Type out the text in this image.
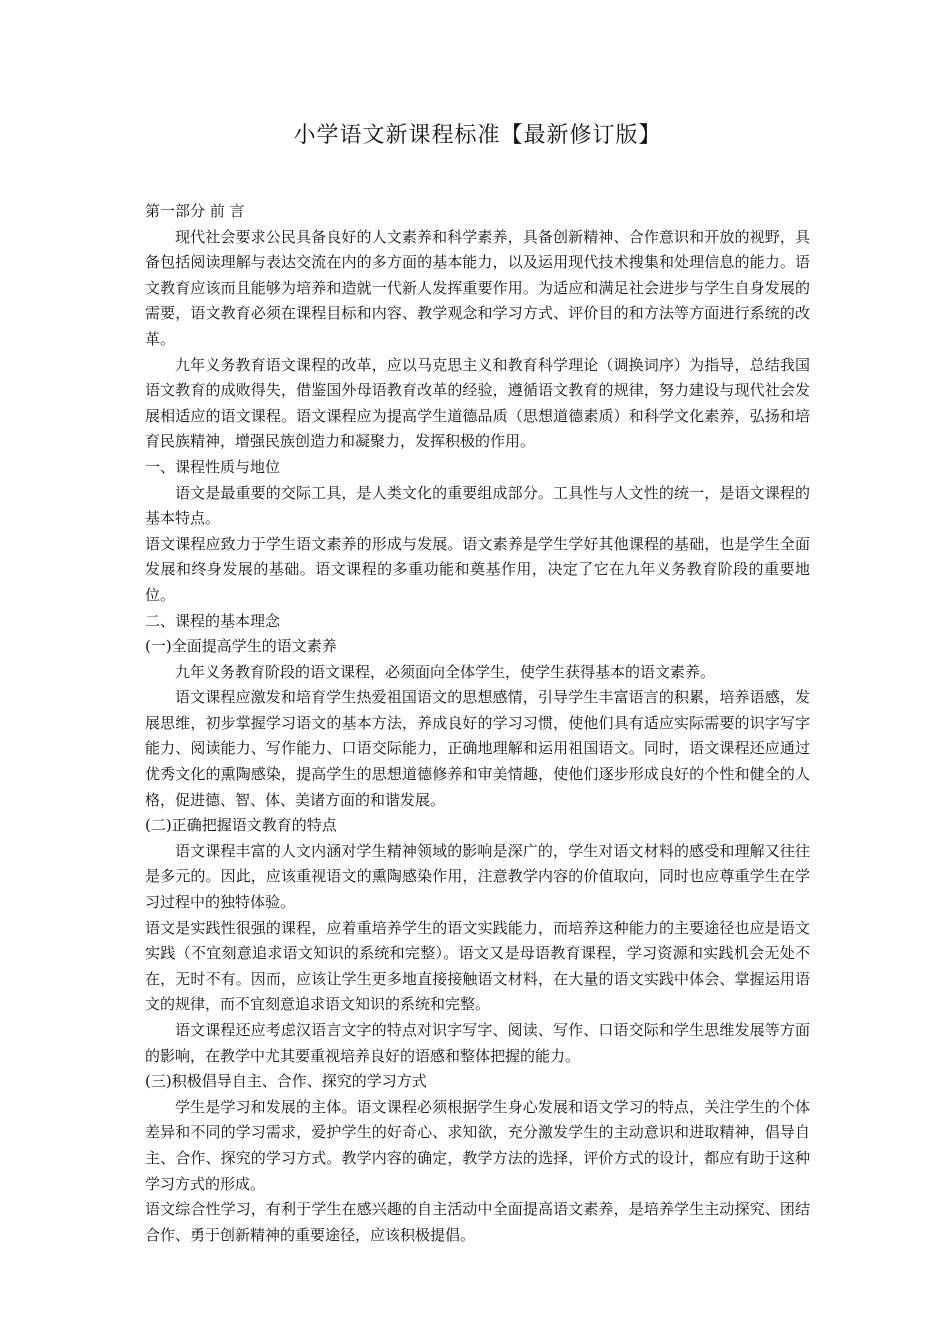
小学语文新课程标准【最新修订版】

第一部分 前 言

现代社会要求公民具备良好的人文素养和科学素养，具备创新精神、合作意识和开放的视野，具备包括阅读理解与表达交流在内的多方面的基本能力，以及运用现代技术搜集和处理信息的能力。语文教育应该而且能够为培养和造就一代新人发挥重要作用。为适应和满足社会进步与学生自身发展的需要，语文教育必须在课程目标和内容、教学观念和学习方式、评价目的和方法等方面进行系统的改革。

九年义务教育语文课程的改革，应以马克思主义和教育科学理论（调换词序）为指导，总结我国语文教育的成败得失，借鉴国外母语教育改革的经验，遵循语文教育的规律，努力建设与现代社会发展相适应的语文课程。语文课程应为提高学生道德品质（思想道德素质）和科学文化素养，弘扬和培育民族精神，增强民族创造力和凝聚力，发挥积极的作用。

一、课程性质与地位

语文是最重要的交际工具，是人类文化的重要组成部分。工具性与人文性的统一，是语文课程的基本特点。

语文课程应致力于学生语文素养的形成与发展。语文素养是学生学好其他课程的基础，也是学生全面发展和终身发展的基础。语文课程的多重功能和奠基作用，决定了它在九年义务教育阶段的重要地位。

二、课程的基本理念

(一)全面提高学生的语文素养

九年义务教育阶段的语文课程，必须面向全体学生，使学生获得基本的语文素养。

语文课程应激发和培育学生热爱祖国语文的思想感情，引导学生丰富语言的积累，培养语感，发展思维，初步掌握学习语文的基本方法，养成良好的学习习惯，使他们具有适应实际需要的识字写字能力、阅读能力、写作能力、口语交际能力，正确地理解和运用祖国语文。同时，语文课程还应通过优秀文化的熏陶感染，提高学生的思想道德修养和审美情趣，使他们逐步形成良好的个性和健全的人格，促进德、智、体、美诸方面的和谐发展。

(二)正确把握语文教育的特点

语文课程丰富的人文内涵对学生精神领域的影响是深广的，学生对语文材料的感受和理解又往往是多元的。因此，应该重视语文的熏陶感染作用，注意教学内容的价值取向，同时也应尊重学生在学习过程中的独特体验。

语文是实践性很强的课程，应着重培养学生的语文实践能力，而培养这种能力的主要途径也应是语文实践（不宜刻意追求语文知识的系统和完整）。语文又是母语教育课程，学习资源和实践机会无处不在，无时不有。因而，应该让学生更多地直接接触语文材料，在大量的语文实践中体会、掌握运用语文的规律，而不宜刻意追求语文知识的系统和完整。

语文课程还应考虑汉语言文字的特点对识字写字、阅读、写作、口语交际和学生思维发展等方面的影响，在教学中尤其要重视培养良好的语感和整体把握的能力。

(三)积极倡导自主、合作、探究的学习方式

学生是学习和发展的主体。语文课程必须根据学生身心发展和语文学习的特点，关注学生的个体差异和不同的学习需求，爱护学生的好奇心、求知欲，充分激发学生的主动意识和进取精神，倡导自主、合作、探究的学习方式。教学内容的确定，教学方法的选择，评价方式的设计，都应有助于这种学习方式的形成。

语文综合性学习，有利于学生在感兴趣的自主活动中全面提高语文素养，是培养学生主动探究、团结合作、勇于创新精神的重要途径，应该积极提倡。
